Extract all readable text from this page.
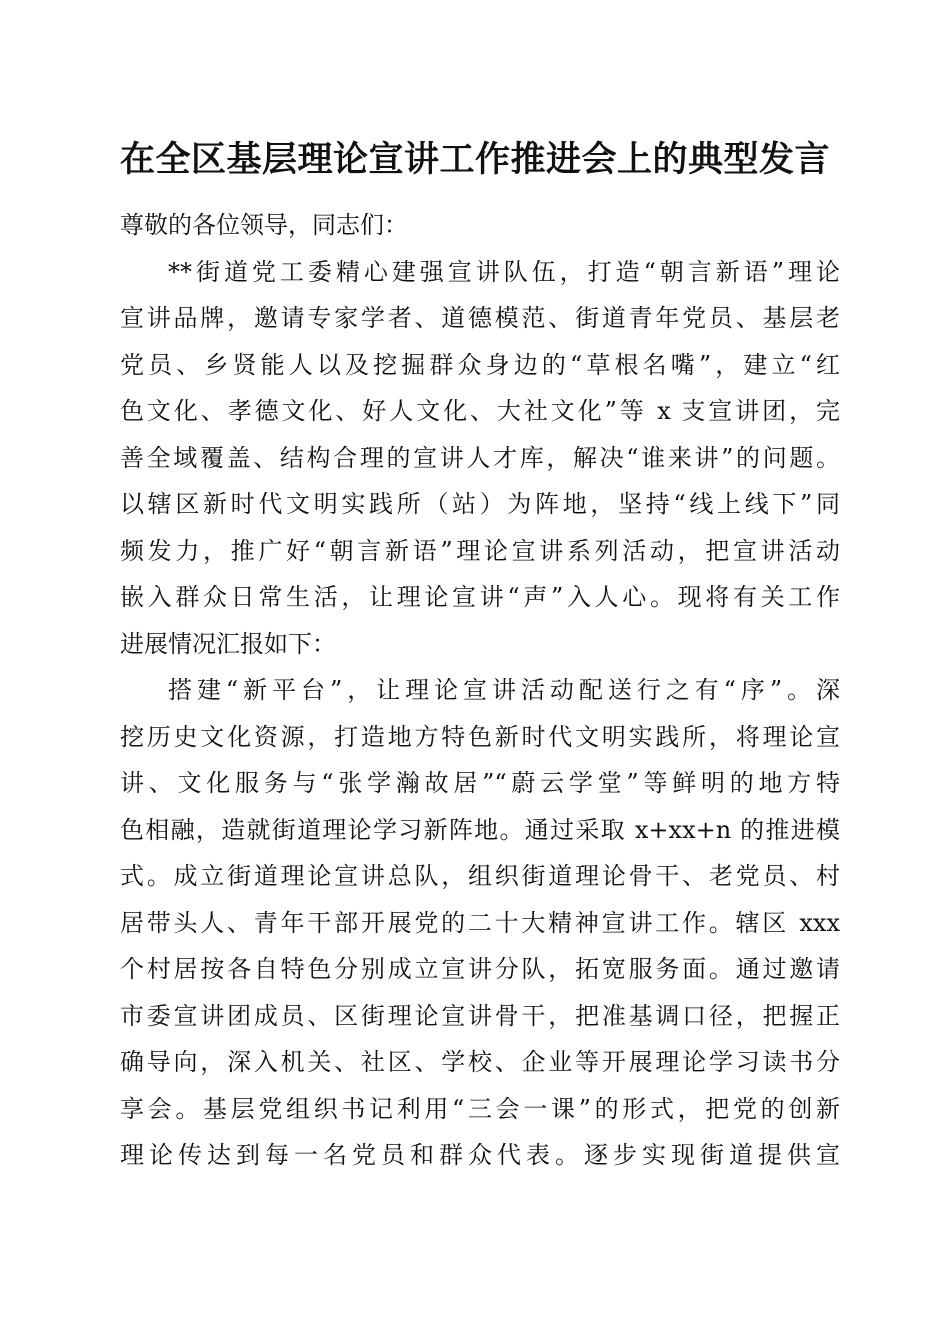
在全区基层理论宣讲工作推进会上的典型发言
尊敬的各位领导，同志们：
**街道党工委精心建强宣讲队伍，打造“朝言新语”理论
宣讲品牌，邀请专家学者、道德模范、街道青年党员、基层老
党员、乡贤能人以及挖掘群众身边的“草根名嘴”，建立“红
色文化、孝德文化、好人文化、大社文化”等 x 支宣讲团，完
善全域覆盖、结构合理的宣讲人才库，解决“谁来讲”的问题。
以辖区新时代文明实践所（站）为阵地，坚持“线上线下”同
频发力，推广好“朝言新语”理论宣讲系列活动，把宣讲活动
嵌入群众日常生活，让理论宣讲“声”入人心。现将有关工作
进展情况汇报如下：
搭建“新平台”，让理论宣讲活动配送行之有“序”。深
挖历史文化资源，打造地方特色新时代文明实践所，将理论宣
讲、文化服务与“张学瀚故居”“蔚云学堂”等鲜明的地方特
色相融，造就街道理论学习新阵地。通过采取 x+xx+n 的推进模
式。成立街道理论宣讲总队，组织街道理论骨干、老党员、村
居带头人、青年干部开展党的二十大精神宣讲工作。辖区 xxx
个村居按各自特色分别成立宣讲分队，拓宽服务面。通过邀请
市委宣讲团成员、区街理论宣讲骨干，把准基调口径，把握正
确导向，深入机关、社区、学校、企业等开展理论学习读书分
享会。基层党组织书记利用“三会一课”的形式，把党的创新
理论传达到每一名党员和群众代表。逐步实现街道提供宣
